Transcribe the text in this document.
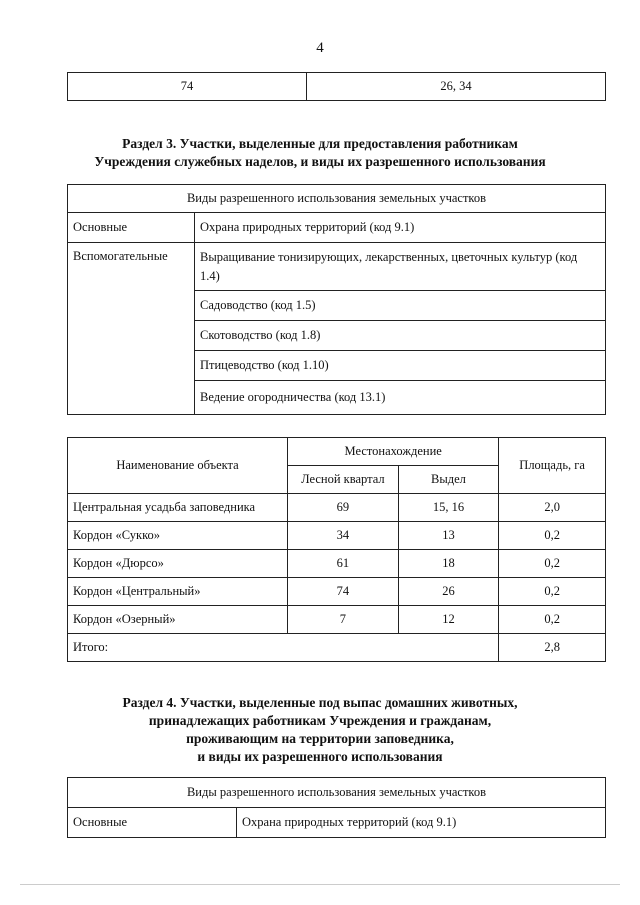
4
74	26, 34
Раздел 3. Участки, выделенные для предоставления работникам
Учреждения служебных наделов, и виды их разрешенного использования
Виды разрешенного использования земельных участков	
Основные	Охрана природных территорий (код 9.1)
Вспомогательные	Выращивание тонизирующих, лекарственных, цветочных культур (код 1.4)
	Садоводство (код 1.5)
	Скотоводство (код 1.8)
	Птицеводство (код 1.10)
	Ведение огородничества (код 13.1)
Наименование объекта	Местонахождение		Площадь, га
	Лесной квартал	Выдел	
Центральная усадьба заповедника	69	15, 16	2,0
Кордон «Сукко»	34	13	0,2
Кордон «Дюрсо»	61	18	0,2
Кордон «Центральный»	74	26	0,2
Кордон «Озерный»	7	12	0,2
Итого:			2,8
Раздел 4. Участки, выделенные под выпас домашних животных,
принадлежащих работникам Учреждения и гражданам,
проживающим на территории заповедника,
и виды их разрешенного использования
Виды разрешенного использования земельных участков
Основные	Охрана природных территорий (код 9.1)
